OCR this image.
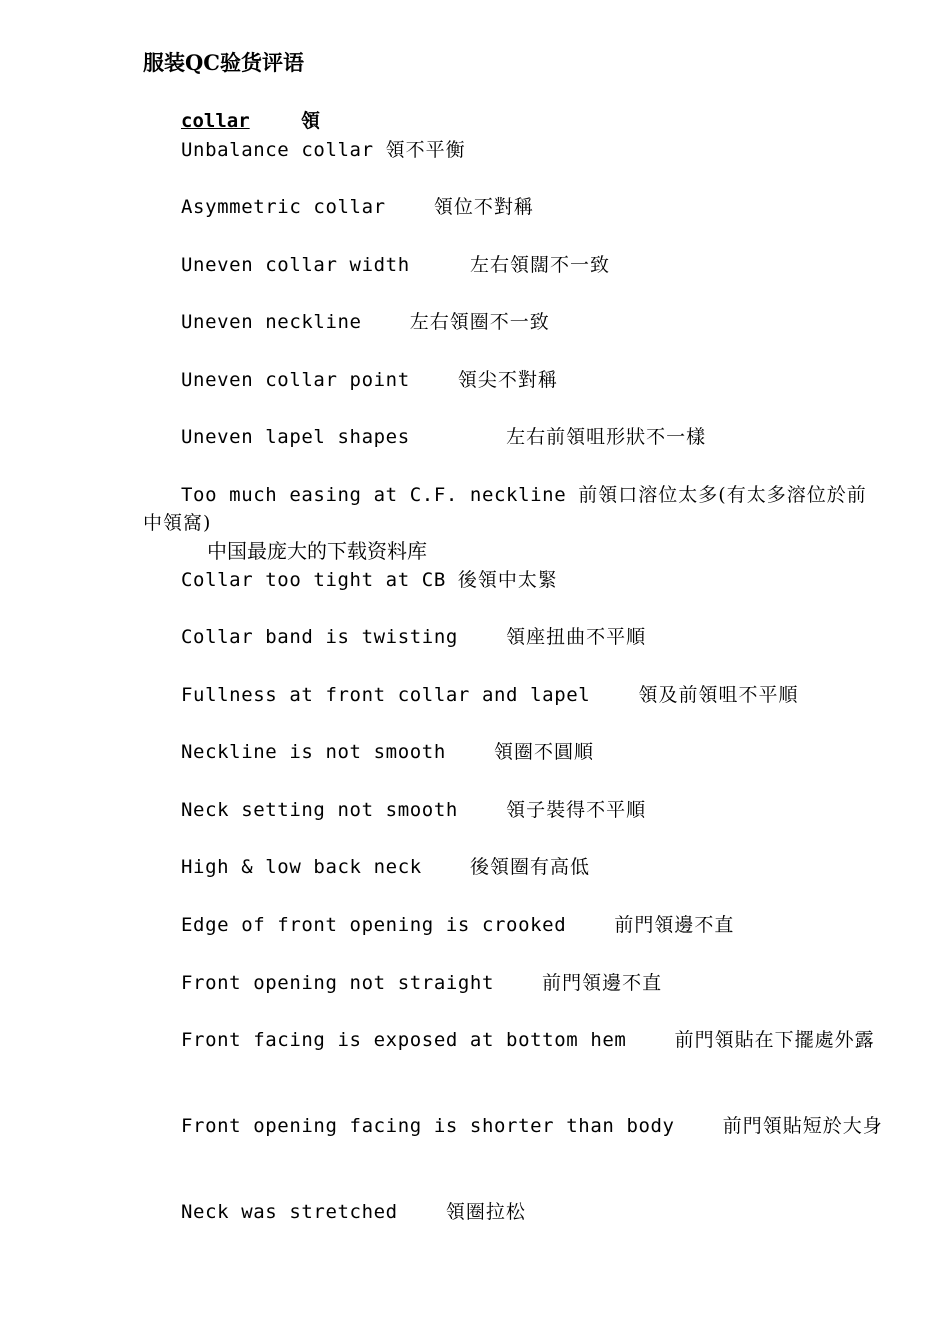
服装QC验货评语
collar	領
Unbalance collar 領不平衡
Asymmetric collar    領位不對稱
Uneven collar width     左右領闊不一致
Uneven neckline    左右領圈不一致
Uneven collar point    領尖不對稱
Uneven lapel shapes        左右前領咀形狀不一樣
Too much easing at C.F. neckline 前領口溶位太多(有太多溶位於前中領窩)
中国最庞大的下载资料库
Collar too tight at CB 後領中太緊
Collar band is twisting    領座扭曲不平順
Fullness at front collar and lapel    領及前領咀不平順
Neckline is not smooth    領圈不圓順
Neck setting not smooth    領子裝得不平順
High & low back neck    後領圈有高低
Edge of front opening is crooked    前門領邊不直
Front opening not straight    前門領邊不直
Front facing is exposed at bottom hem    前門領貼在下擺處外露
Front opening facing is shorter than body    前門領貼短於大身
Neck was stretched    領圈拉松
